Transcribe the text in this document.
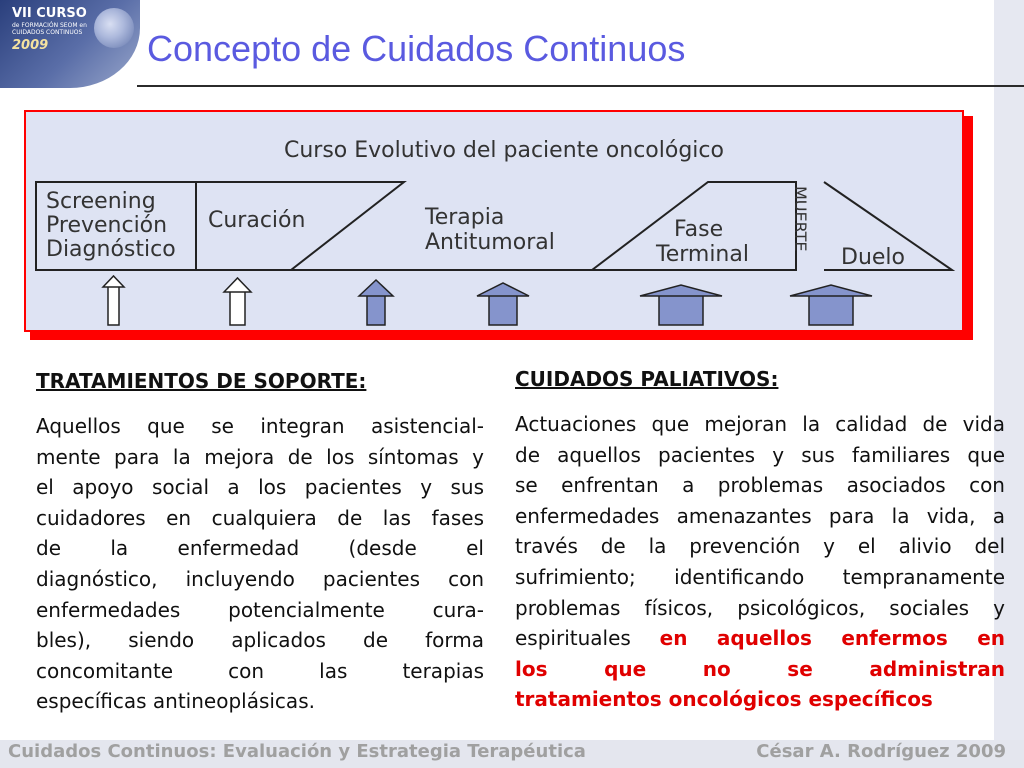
VII CURSO
de FORMACIÓN SEOM en CUIDADOS CONTINUOS
2009	Concepto de Cuidados Continuos
Curso Evolutivo del paciente oncológico
Screening
Prevención
Diagnóstico
Curación	Terapia
Antitumoral
Fase
Terminal
MUERTE
Duelo
TRATAMIENTOS DE SOPORTE:
Aquellos que se integran asistencial-
mente para la mejora de los síntomas y
el apoyo social a los pacientes y sus
cuidadores en cualquiera de las fases
de la enfermedad (desde el
diagnóstico, incluyendo pacientes con
enfermedades potencialmente cura-
bles), siendo aplicados de forma
concomitante con las terapias
específicas antineoplásicas.
CUIDADOS PALIATIVOS:
Actuaciones que mejoran la calidad de vida
de aquellos pacientes y sus familiares que
se enfrentan a problemas asociados con
enfermedades amenazantes para la vida, a
través de la prevención y el alivio del
sufrimiento; identificando tempranamente
problemas físicos, psicológicos, sociales y
espirituales en aquellos enfermos en
los que no se administran
tratamientos oncológicos específicos
Cuidados Continuos: Evaluación y Estrategia Terapéutica	César A. Rodríguez 2009
